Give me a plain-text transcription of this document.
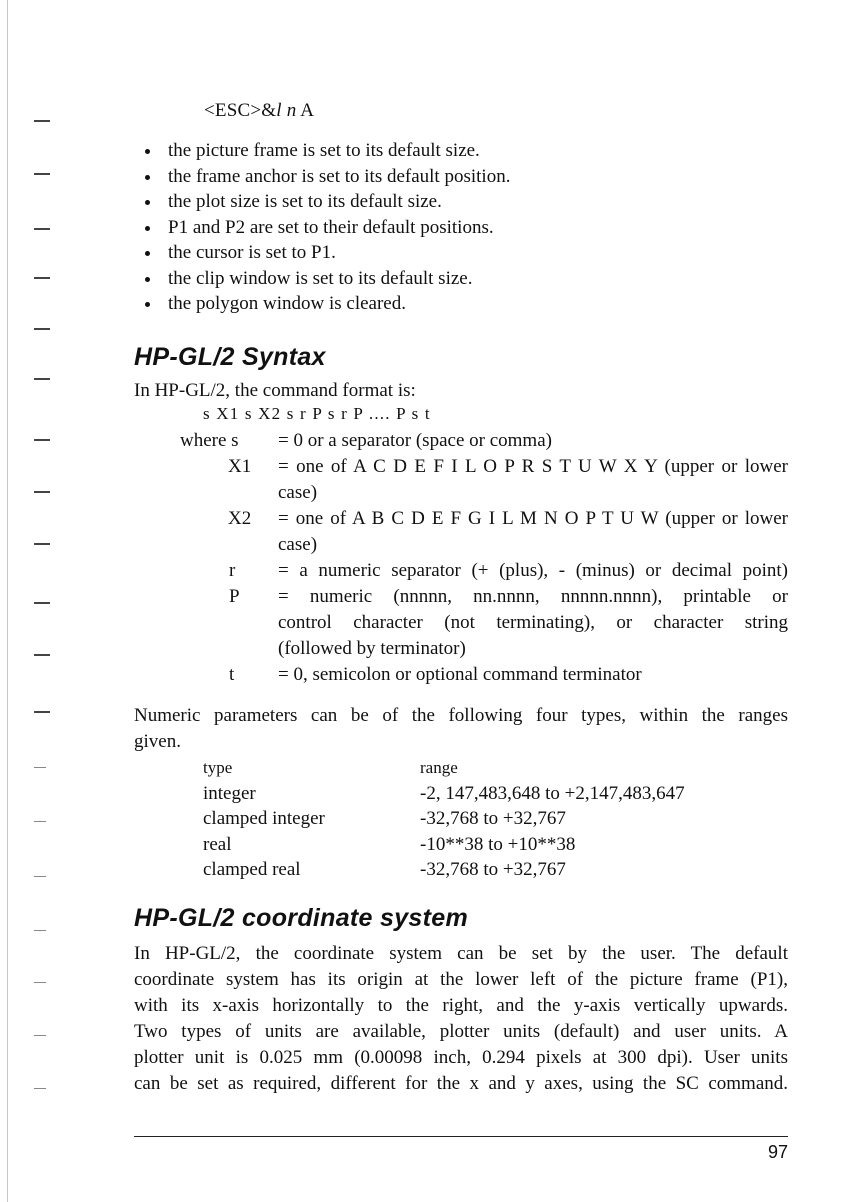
<ESC>&l n A
the picture frame is set to its default size.
the frame anchor is set to its default position.
the plot size is set to its default size.
P1 and P2 are set to their default positions.
the cursor is set to P1.
the clip window is set to its default size.
the polygon window is cleared.
HP-GL/2 Syntax
In HP-GL/2, the command format is:
s X1 s X2 s r P s r P .... P s t
where s	= 0 or a separator (space or comma)
X1	= one of A C D E F I L O P R S T U W X Y (upper or lower
case)
X2	= one of A B C D E F G I L M N O P T U W (upper or lower
case)
r	= a numeric separator (+ (plus), - (minus) or decimal point)
P	= numeric (nnnnn, nn.nnnn, nnnnn.nnnn), printable or
control character (not terminating), or character string
(followed by terminator)
t	= 0, semicolon or optional command terminator
Numeric parameters can be of the following four types, within the ranges
given.
type	range
integer	-2, 147,483,648 to +2,147,483,647
clamped integer	-32,768 to +32,767
real	-10**38 to +10**38
clamped real	-32,768 to +32,767
HP-GL/2 coordinate system
In HP-GL/2, the coordinate system can be set by the user. The default
coordinate system has its origin at the lower left of the picture frame (P1),
with its x-axis horizontally to the right, and the y-axis vertically upwards.
Two types of units are available, plotter units (default) and user units. A
plotter unit is 0.025 mm (0.00098 inch, 0.294 pixels at 300 dpi). User units
can be set as required, different for the x and y axes, using the SC command.
97
